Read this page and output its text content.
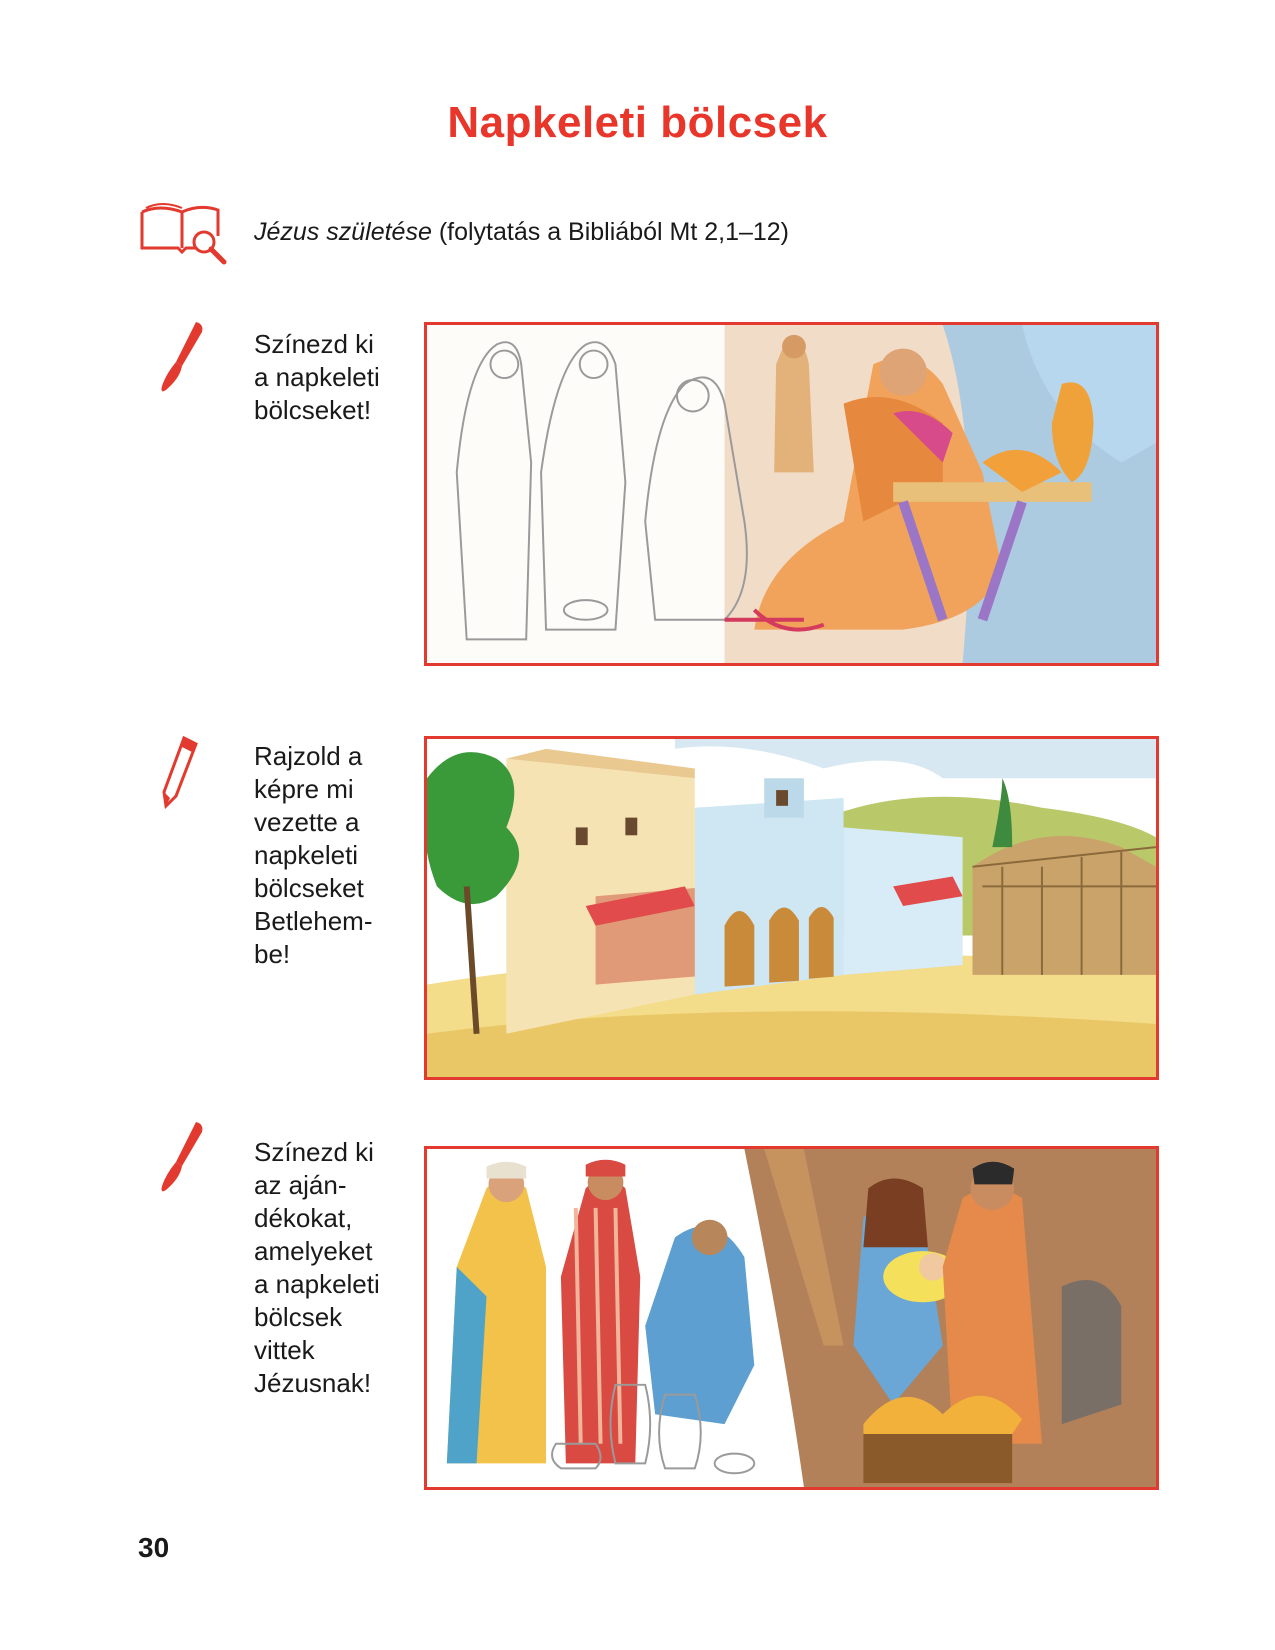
Napkeleti bölcsek
Jézus születése (folytatás a Bibliából Mt 2,1–12)
Színezd ki
a napkeleti
bölcseket!
Rajzold a
képre mi
vezette a
napkeleti
bölcseket
Betlehem-
be!
Színezd ki
az aján-
dékokat,
amelyeket
a napkeleti
bölcsek
vittek
Jézusnak!
30
